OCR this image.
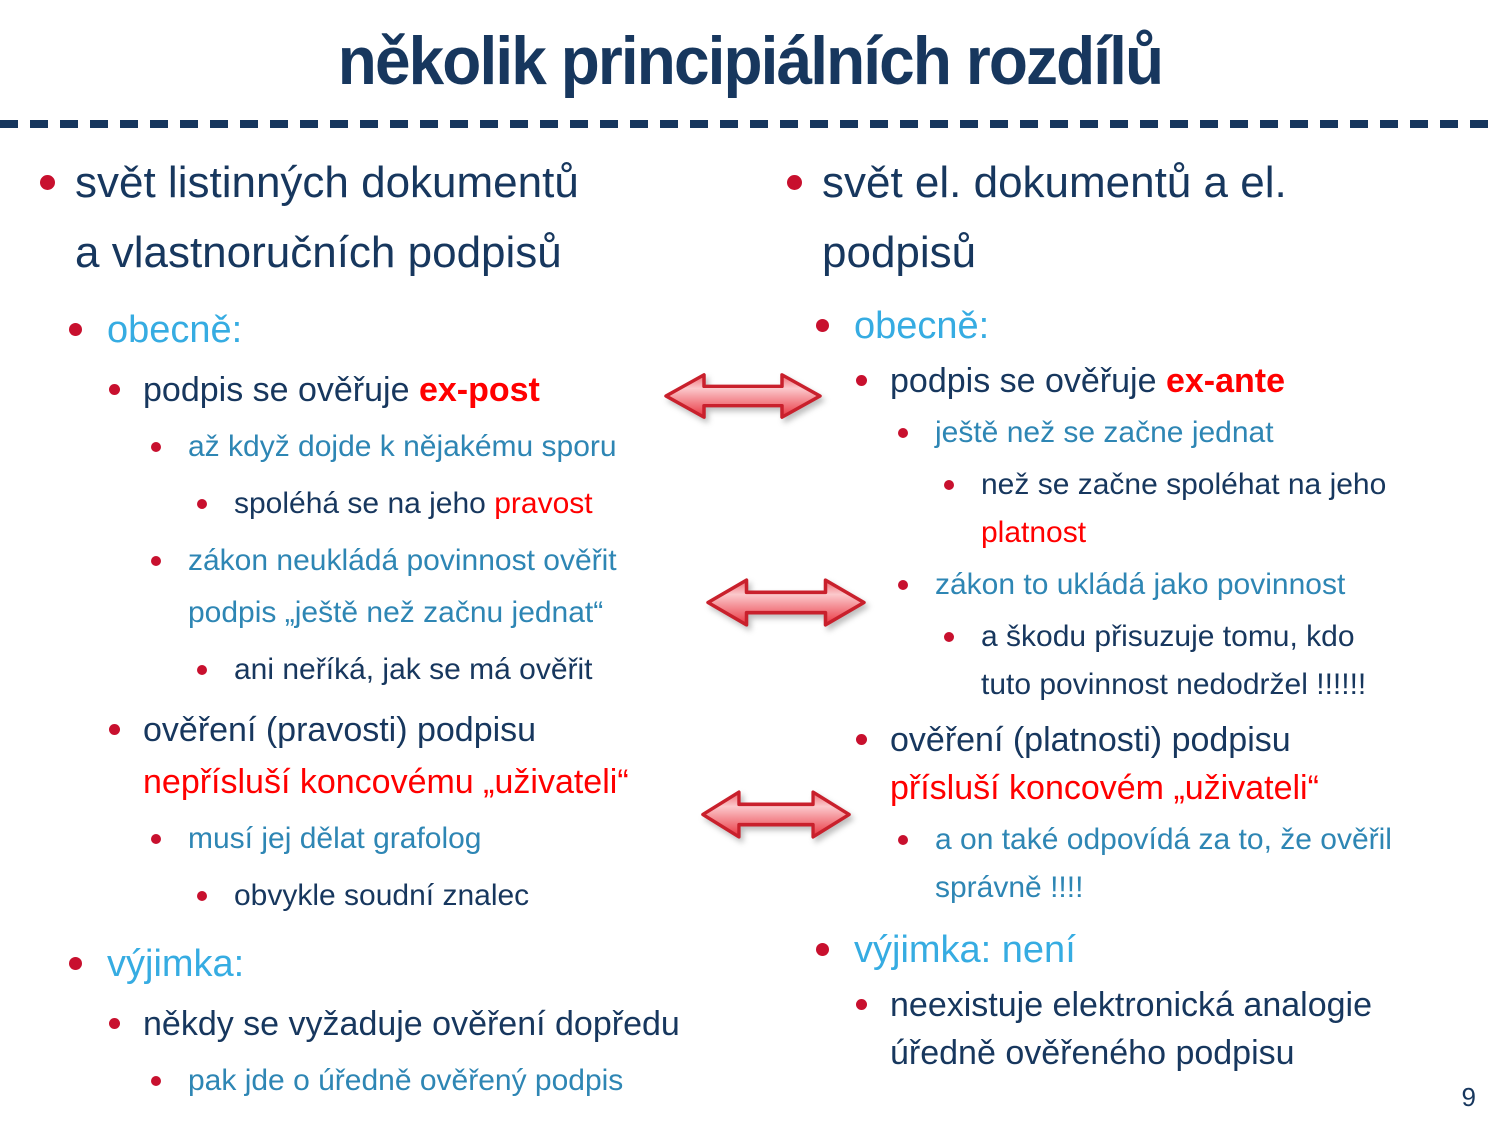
několik principiálních rozdílů
svět listinných dokumentů
a vlastnoručních podpisů
obecně:
podpis se ověřuje ex-post
až když dojde k nějakému sporu
spoléhá se na jeho pravost
zákon neukládá povinnost ověřit
podpis „ještě než začnu jednat“
ani neříká, jak se má ověřit
ověření (pravosti) podpisu
nepřísluší koncovému „uživateli“
musí jej dělat grafolog
obvykle soudní znalec
výjimka:
někdy se vyžaduje ověření dopředu
pak jde o úředně ověřený podpis
svět el. dokumentů a el.
podpisů
obecně:
podpis se ověřuje ex-ante
ještě než se začne jednat
než se začne spoléhat na jeho
platnost
zákon to ukládá jako povinnost
a škodu přisuzuje tomu, kdo
tuto povinnost nedodržel !!!!!!
ověření (platnosti) podpisu
přísluší koncovém „uživateli“
a on také odpovídá za to, že ověřil
správně !!!!
výjimka: není
neexistuje elektronická analogie
úředně ověřeného podpisu
9
